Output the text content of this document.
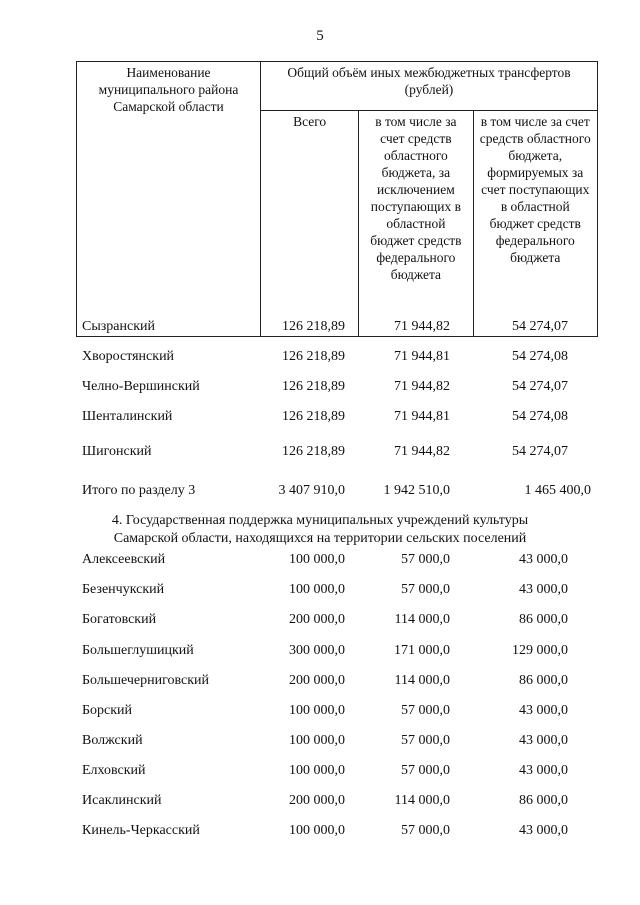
5
Наименование муниципального района Самарской области	Общий объём иных межбюджетных трансфертов (рублей)		
	Всего	в том числе за счет средств областного бюджета, за исключением поступающих в областной бюджет средств федерального бюджета	в том числе за счет средств областного бюджета, формируемых за счет поступающих в областной бюджет средств федерального бюджета
Сызранский	126 218,89	71 944,82	54 274,07
Хворостянский	126 218,89	71 944,81	54 274,08
Челно-Вершинский	126 218,89	71 944,82	54 274,07
Шенталинский	126 218,89	71 944,81	54 274,08
Шигонский	126 218,89	71 944,82	54 274,07
Итого по разделу 3	3 407 910,0	1 942 510,0	1 465 400,0
4. Государственная поддержка муниципальных учреждений культуры
Самарской области, находящихся на территории сельских поселений
Алексеевский	100 000,0	57 000,0	43 000,0
Безенчукский	100 000,0	57 000,0	43 000,0
Богатовский	200 000,0	114 000,0	86 000,0
Большеглушицкий	300 000,0	171 000,0	129 000,0
Большечерниговский	200 000,0	114 000,0	86 000,0
Борский	100 000,0	57 000,0	43 000,0
Волжский	100 000,0	57 000,0	43 000,0
Елховский	100 000,0	57 000,0	43 000,0
Исаклинский	200 000,0	114 000,0	86 000,0
Кинель-Черкасский	100 000,0	57 000,0	43 000,0
